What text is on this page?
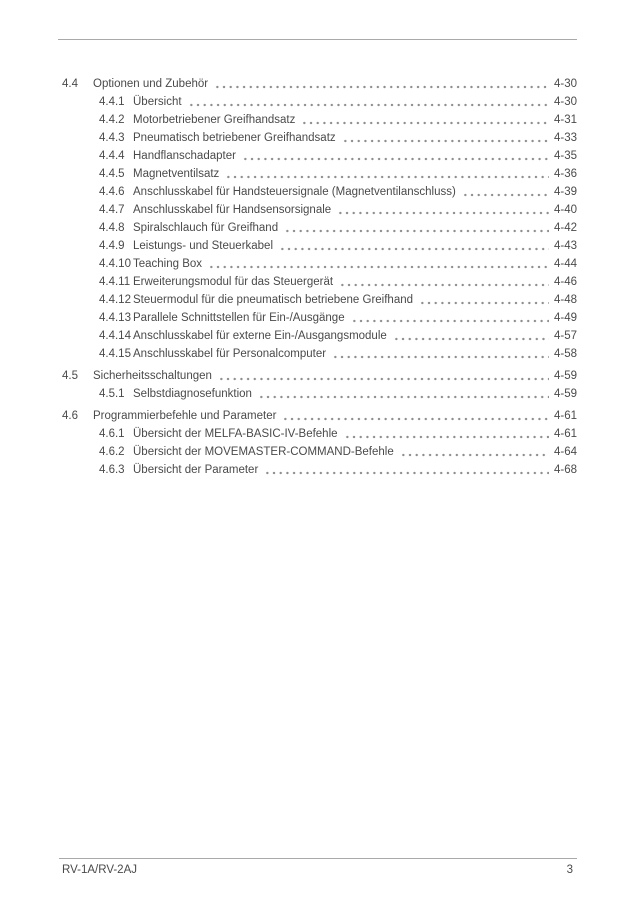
4.4	Optionen und Zubehör	4-30
4.4.1 Übersicht	4-30
4.4.2 Motorbetriebener Greifhandsatz	4-31
4.4.3 Pneumatisch betriebener Greifhandsatz	4-33
4.4.4 Handflanschadapter	4-35
4.4.5 Magnetventilsatz	4-36
4.4.6 Anschlusskabel für Handsteuersignale (Magnetventilanschluss)	4-39
4.4.7 Anschlusskabel für Handsensorsignale	4-40
4.4.8 Spiralschlauch für Greifhand	4-42
4.4.9 Leistungs- und Steuerkabel	4-43
4.4.10 Teaching Box	4-44
4.4.11 Erweiterungsmodul für das Steuergerät	4-46
4.4.12 Steuermodul für die pneumatisch betriebene Greifhand	4-48
4.4.13 Parallele Schnittstellen für Ein-/Ausgänge	4-49
4.4.14 Anschlusskabel für externe Ein-/Ausgangsmodule	4-57
4.4.15 Anschlusskabel für Personalcomputer	4-58
4.5	Sicherheitsschaltungen	4-59
4.5.1 Selbstdiagnosefunktion	4-59
4.6	Programmierbefehle und Parameter	4-61
4.6.1 Übersicht der MELFA-BASIC-IV-Befehle	4-61
4.6.2 Übersicht der MOVEMASTER-COMMAND-Befehle	4-64
4.6.3 Übersicht der Parameter	4-68
RV-1A/RV-2AJ	3
